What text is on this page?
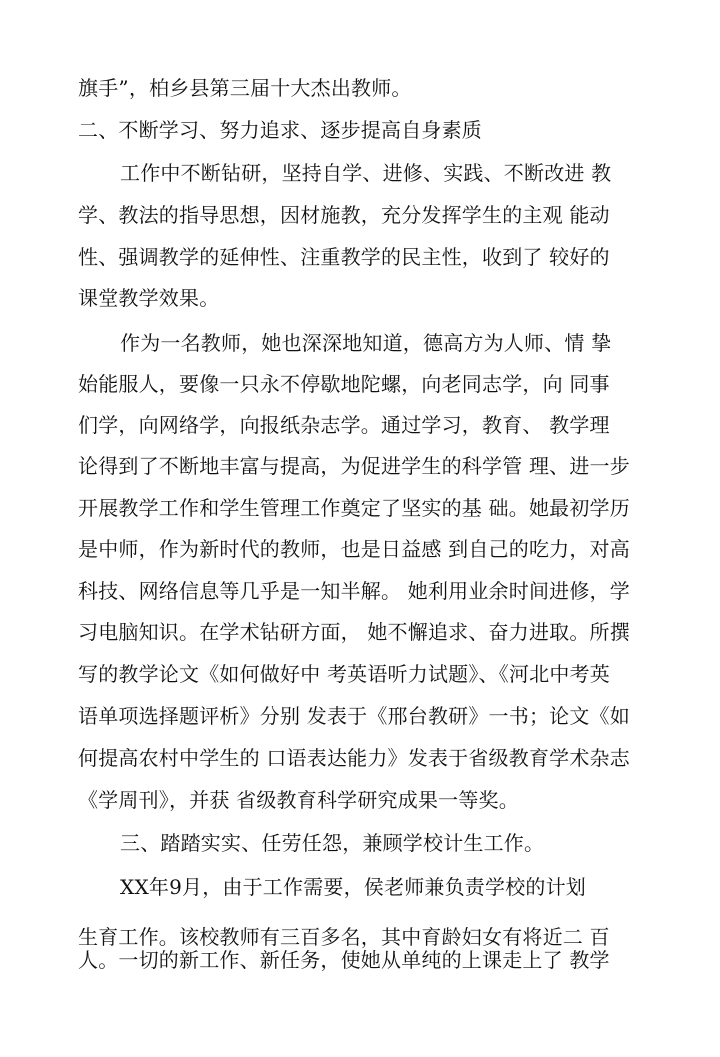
旗手”，柏乡县第三届十大杰出教师。
二、不断学习、努力追求、逐步提高自身素质
工作中不断钻研，坚持自学、进修、实践、不断改进 教
学、教法的指导思想，因材施教，充分发挥学生的主观 能动
性、强调教学的延伸性、注重教学的民主性，收到了 较好的
课堂教学效果。
作为一名教师，她也深深地知道，德高方为人师、情 挚
始能服人，要像一只永不停歇地陀螺，向老同志学，向 同事
们学，向网络学，向报纸杂志学。通过学习，教育、 教学理
论得到了不断地丰富与提高，为促进学生的科学管 理、进一步
开展教学工作和学生管理工作奠定了坚实的基 础。她最初学历
是中师，作为新时代的教师，也是日益感 到自己的吃力，对高
科技、网络信息等几乎是一知半解。 她利用业余时间进修，学
习电脑知识。在学术钻研方面， 她不懈追求、奋力进取。所撰
写的教学论文《如何做好中 考英语听力试题》、《河北中考英
语单项选择题评析》分别 发表于《邢台教研》一书；论文《如
何提高农村中学生的 口语表达能力》发表于省级教育学术杂志
《学周刊》，并获 省级教育科学研究成果一等奖。
三、踏踏实实、任劳任怨，兼顾学校计生工作。
XX年9月，由于工作需要，侯老师兼负责学校的计划
生育工作。该校教师有三百多名，其中育龄妇女有将近二 百
人。一切的新工作、新任务，使她从单纯的上课走上了 教学
